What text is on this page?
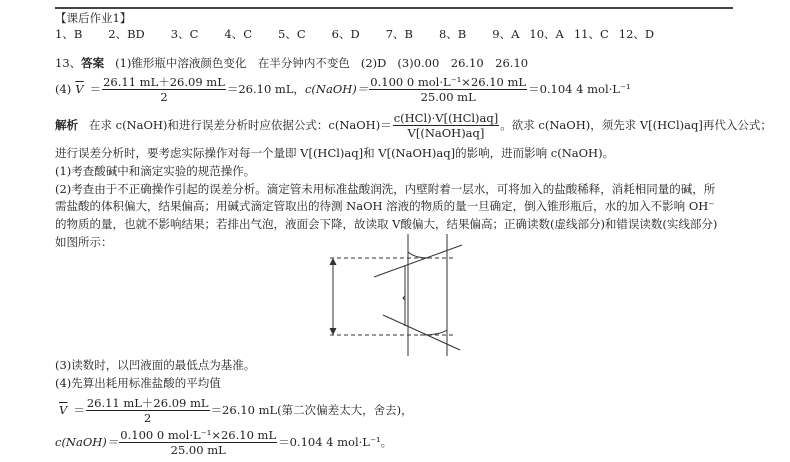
【课后作业1】
1、B 2、BD 3、C 4、C 5、C 6、D 7、B 8、B 9、A 10、A 11、C 12、D
13、答案 (1)锥形瓶中溶液颜色变化　在半分钟内不变色 (2)D (3)0.00　26.10　26.10
(4) $\overline{V} = \frac{26.11 mL+26.09 mL}{2} =26.10$ mL，c(NaOH)＝ $\frac{\text{0.100 0 mol·L⁻¹×26.10 mL}}{25.00 mL} =0.104$ 4 mol·L⁻¹
解析 在求 c(NaOH)和进行误差分析时应依据公式：c(NaOH)＝ $\frac{\text{c(HCl)·V[(HCl)aq]}}{\text{V[(NaOH)aq]}}$ 。欲求 c(NaOH)，须先求 V[(HCl)aq]再代入公式；
进行误差分析时，要考虑实际操作对每一个量即 V[(HCl)aq]和 V[(NaOH)aq]的影响，进而影响 c(NaOH)。
(1)考查酸碱中和滴定实验的规范操作。
(2)考查由于不正确操作引起的误差分析。滴定管未用标准盐酸润洗，内壁附着一层水，可将加入的盐酸稀释，消耗相同量的碱，所
需盐酸的体积偏大，结果偏高；用碱式滴定管取出的待测 NaOH 溶液的物质的量一旦确定，倒入锥形瓶后，水的加入不影响 OH⁻
的物质的量，也就不影响结果；若排出气泡，液面会下降，故读取 V酸偏大，结果偏高；正确读数(虚线部分)和错误读数(实线部分)
如图所示：
(3)读数时，以凹液面的最低点为基准。
(4)先算出耗用标准盐酸的平均值
$\overline{V} = \frac{26.11 mL+26.09 mL}{2} =26.10$ mL(第二次偏差太大，舍去)，
c(NaOH)＝ $\frac{\text{0.100 0 mol·L⁻¹×26.10 mL}}{25.00 mL} =0.104$ 4 mol·L⁻¹。
